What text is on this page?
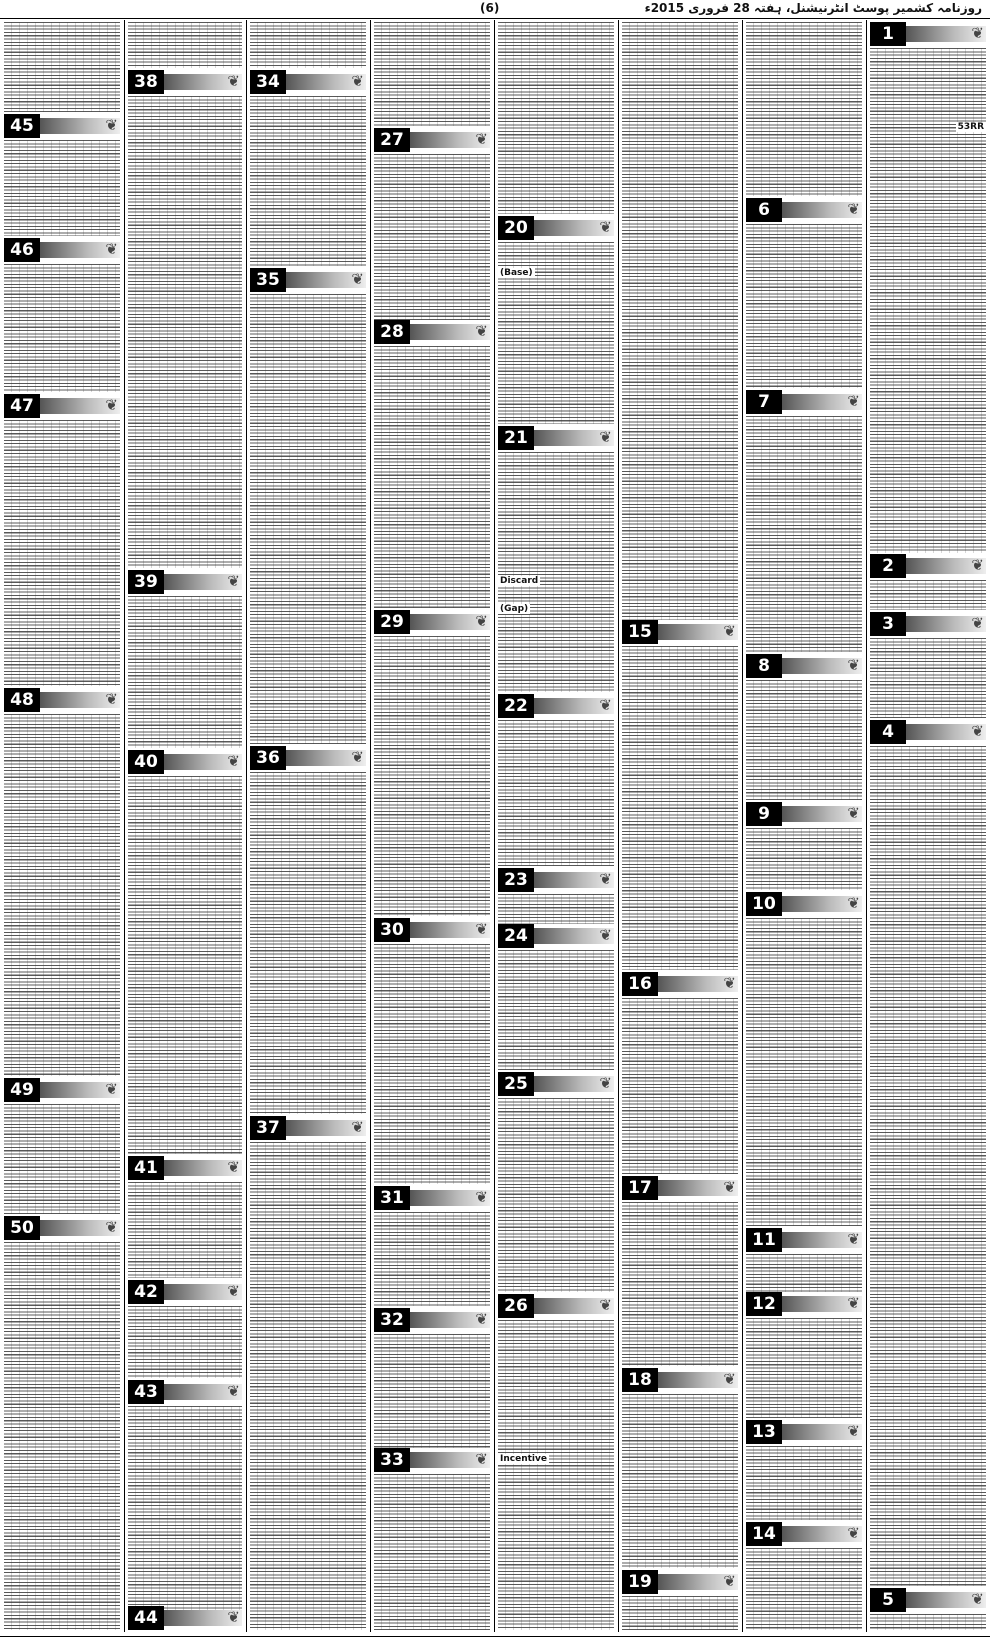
(6)	روزنامہ کشمیر پوسٹ انٹرنیشنل، ہفتہ 28 فروری 2015ء
1	❦
53RR
2	❦
3	❦
4	❦
5	❦
6	❦
7	❦
8	❦
9	❦
10	❦
11	❦
12	❦
13	❦
14	❦
15	❦
16	❦
17	❦
18	❦
19	❦
20	❦
(Base)
21	❦
Discard
(Gap)
22	❦
23	❦
24	❦
25	❦
26	❦
Incentive
27	❦
28	❦
29	❦
30	❦
31	❦
32	❦
33	❦
34	❦
35	❦
36	❦
37	❦
38	❦
39	❦
40	❦
41	❦
42	❦
43	❦
44	❦
45	❦
46	❦
47	❦
48	❦
49	❦
50	❦
